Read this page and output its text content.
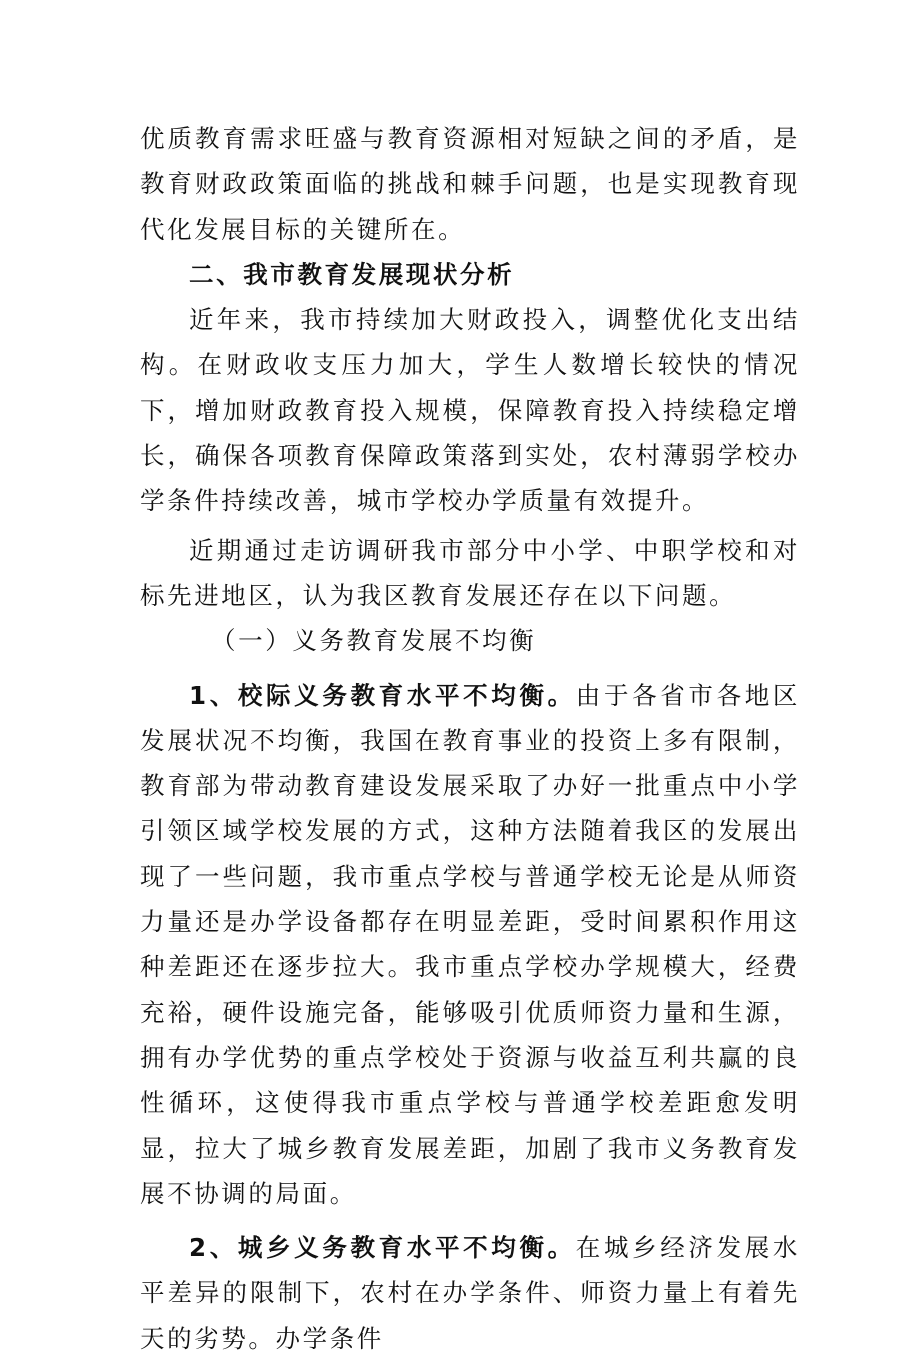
优质教育需求旺盛与教育资源相对短缺之间的矛盾，是教育财政政策面临的挑战和棘手问题，也是实现教育现代化发展目标的关键所在。

二、我市教育发展现状分析

近年来，我市持续加大财政投入，调整优化支出结构。在财政收支压力加大，学生人数增长较快的情况下，增加财政教育投入规模，保障教育投入持续稳定增长，确保各项教育保障政策落到实处，农村薄弱学校办学条件持续改善，城市学校办学质量有效提升。

近期通过走访调研我市部分中小学、中职学校和对标先进地区，认为我区教育发展还存在以下问题。

（一）义务教育发展不均衡

1、校际义务教育水平不均衡。由于各省市各地区发展状况不均衡，我国在教育事业的投资上多有限制，教育部为带动教育建设发展采取了办好一批重点中小学引领区域学校发展的方式，这种方法随着我区的发展出现了一些问题，我市重点学校与普通学校无论是从师资力量还是办学设备都存在明显差距，受时间累积作用这种差距还在逐步拉大。我市重点学校办学规模大，经费充裕，硬件设施完备，能够吸引优质师资力量和生源，拥有办学优势的重点学校处于资源与收益互利共赢的良性循环，这使得我市重点学校与普通学校差距愈发明显，拉大了城乡教育发展差距，加剧了我市义务教育发展不协调的局面。

2、城乡义务教育水平不均衡。在城乡经济发展水平差异的限制下，农村在办学条件、师资力量上有着先天的劣势。办学条件
